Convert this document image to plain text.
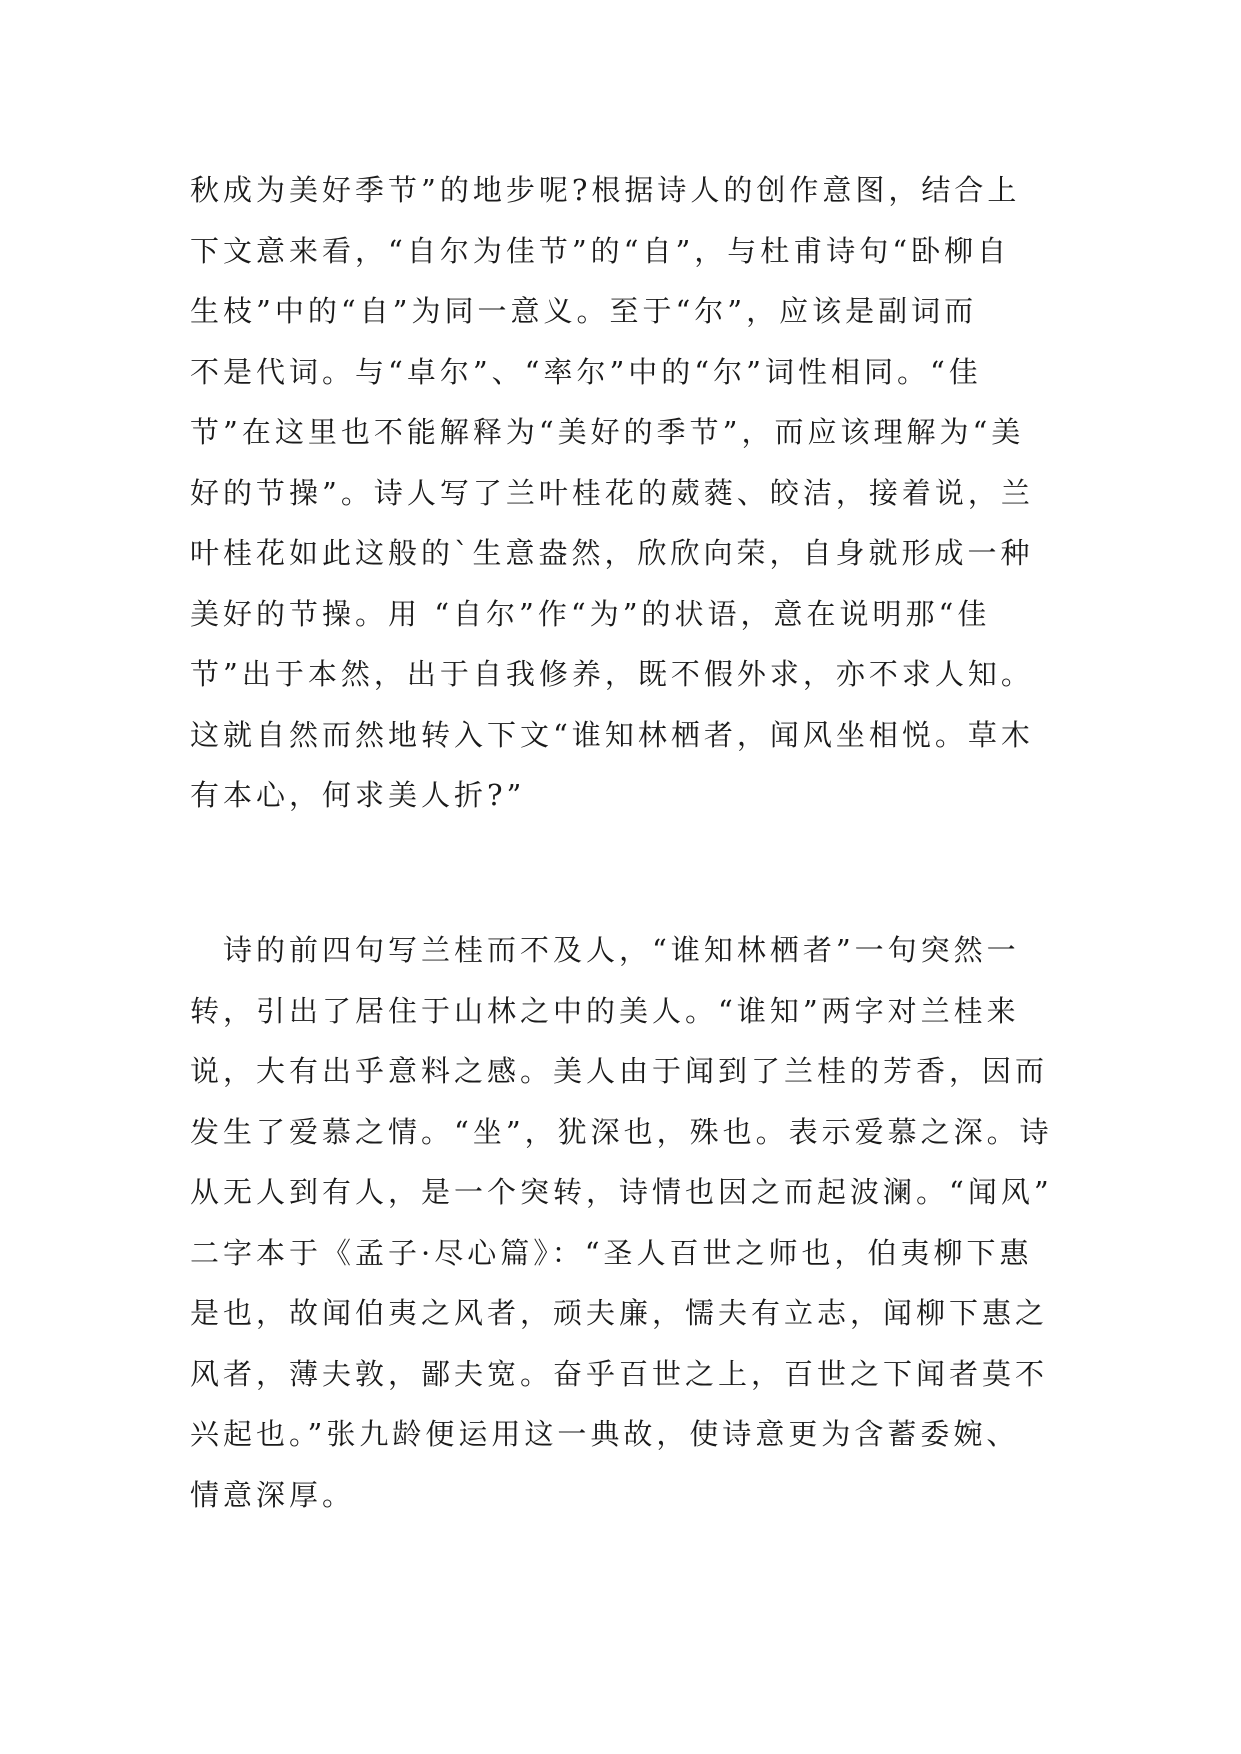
秋成为美好季节”的地步呢?根据诗人的创作意图，结合上
下文意来看，“自尔为佳节”的“自”，与杜甫诗句“卧柳自
生枝”中的“自”为同一意义。至于“尔”，应该是副词而
不是代词。与“卓尔”、“率尔”中的“尔”词性相同。“佳
节”在这里也不能解释为“美好的季节”，而应该理解为“美
好的节操”。诗人写了兰叶桂花的葳蕤、皎洁，接着说，兰
叶桂花如此这般的`生意盎然，欣欣向荣，自身就形成一种
美好的节操。用 “自尔”作“为”的状语，意在说明那“佳
节”出于本然，出于自我修养，既不假外求，亦不求人知。
这就自然而然地转入下文“谁知林栖者，闻风坐相悦。草木
有本心，何求美人折?”
　诗的前四句写兰桂而不及人，“谁知林栖者”一句突然一
转，引出了居住于山林之中的美人。“谁知”两字对兰桂来
说，大有出乎意料之感。美人由于闻到了兰桂的芳香，因而
发生了爱慕之情。“坐”，犹深也，殊也。表示爱慕之深。诗
从无人到有人，是一个突转，诗情也因之而起波澜。“闻风”
二字本于《孟子·尽心篇》：“圣人百世之师也，伯夷柳下惠
是也，故闻伯夷之风者，顽夫廉，懦夫有立志，闻柳下惠之
风者，薄夫敦，鄙夫宽。奋乎百世之上，百世之下闻者莫不
兴起也。”张九龄便运用这一典故，使诗意更为含蓄委婉、
情意深厚。
